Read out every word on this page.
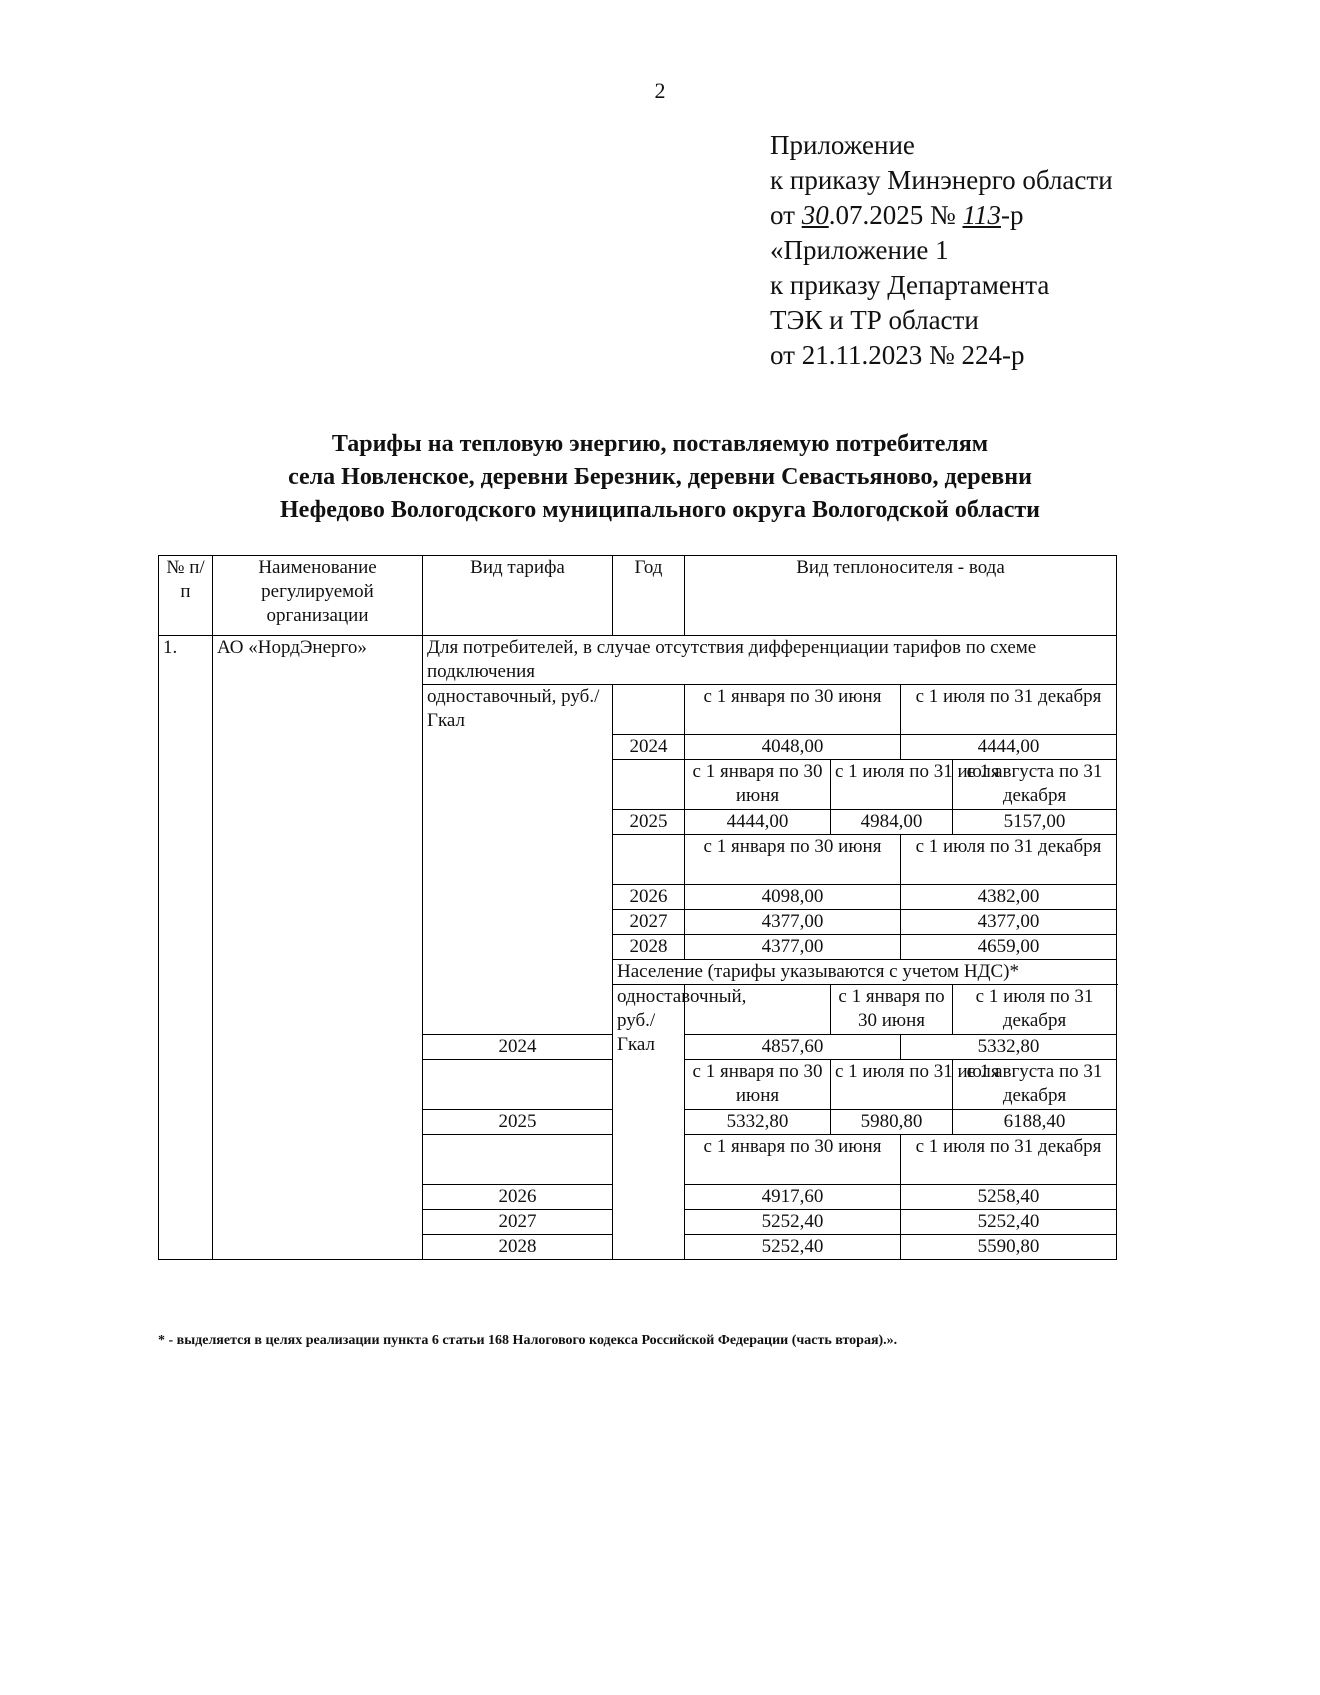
2
Приложение
к приказу Минэнерго области
от 30.07.2025 № 113-р
«Приложение 1
к приказу Департамента
ТЭК и ТР области
от 21.11.2023 № 224-р
Тарифы на тепловую энергию, поставляемую потребителям
села Новленское, деревни Березник, деревни Севастьяново, деревни
Нефедово Вологодского муниципального округа Вологодской области
№ п/п	Наименование регулируемой организации	Вид тарифа	Год	Вид теплоносителя - вода			
1.	АО «НордЭнерго»	Для потребителей, в случае отсутствия дифференциации тарифов по схеме подключения					
		одноставочный, руб./Гкал		с 1 января по 30 июня		с 1 июля по 31 декабря	
			2024	4048,00		4444,00	
				с 1 января по 30 июня	с 1 июля по 31 июля		с 1 августа по 31 декабря
			2025	4444,00	4984,00		5157,00
				с 1 января по 30 июня		с 1 июля по 31 декабря	
			2026	4098,00		4382,00	
			2027	4377,00		4377,00	
			2028	4377,00		4659,00	
			Население (тарифы указываются с учетом НДС)*				
			одноставочный, руб./Гкал		с 1 января по 30 июня		с 1 июля по 31 декабря
		2024		4857,60		5332,80	
				с 1 января по 30 июня	с 1 июля по 31 июля		с 1 августа по 31 декабря
		2025		5332,80	5980,80		6188,40
				с 1 января по 30 июня		с 1 июля по 31 декабря	
		2026		4917,60		5258,40	
		2027		5252,40		5252,40	
		2028		5252,40		5590,80	
* - выделяется в целях реализации пункта 6 статьи 168 Налогового кодекса Российской Федерации (часть вторая).».
